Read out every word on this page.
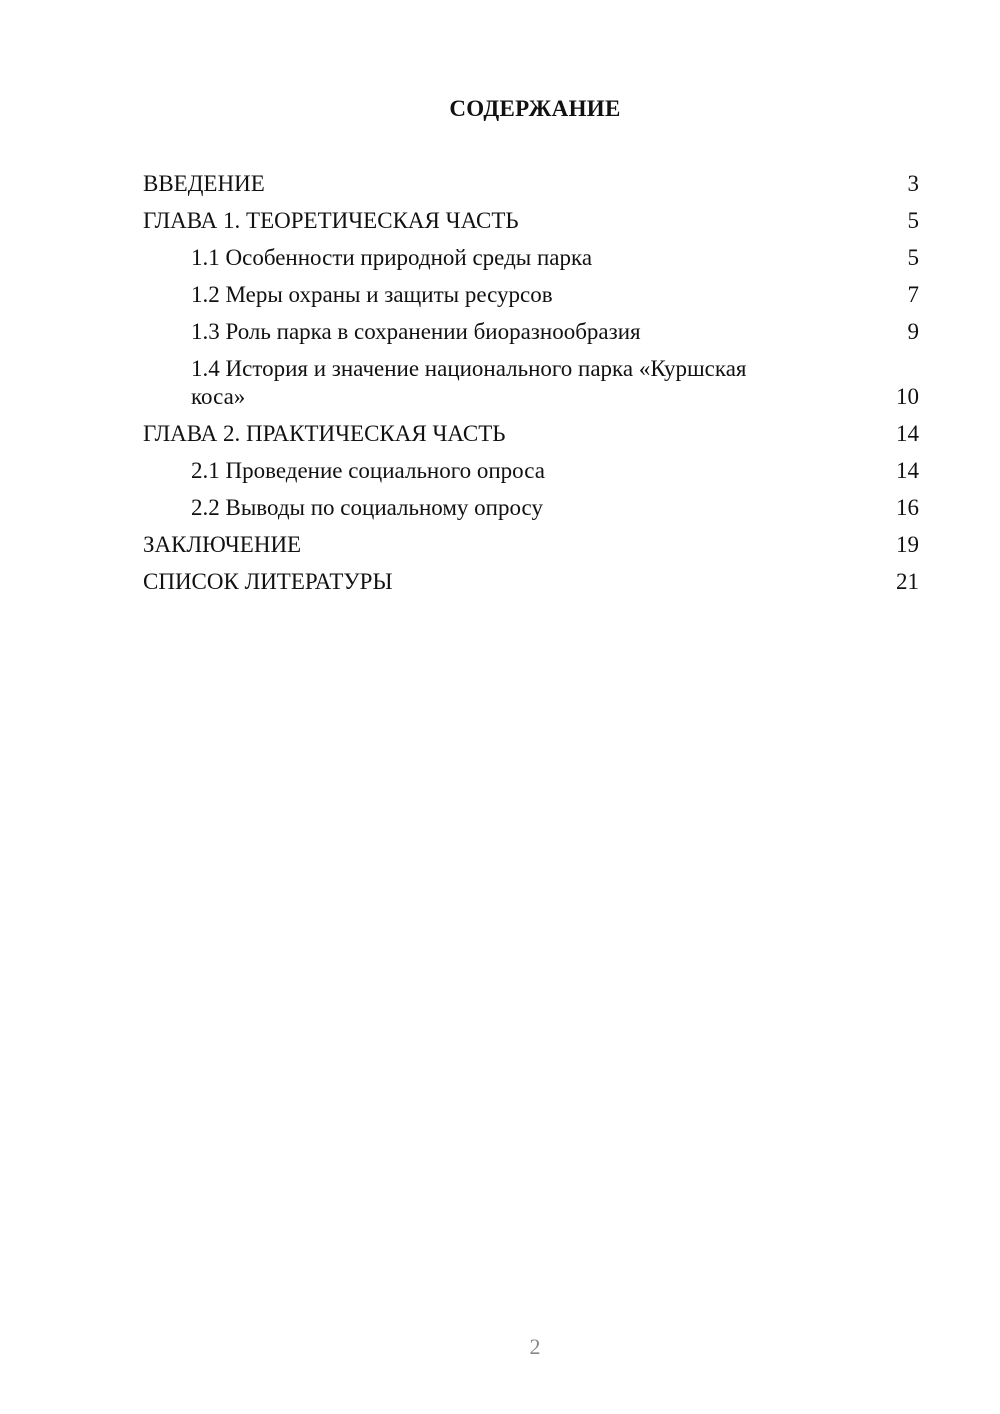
СОДЕРЖАНИЕ
ВВЕДЕНИЕ	3
ГЛАВА 1. ТЕОРЕТИЧЕСКАЯ ЧАСТЬ	5
1.1 Особенности природной среды парка	5
1.2 Меры охраны и защиты ресурсов	7
1.3 Роль парка в сохранении биоразнообразия	9
1.4 История и значение национального парка «Куршская коса»	10
ГЛАВА 2. ПРАКТИЧЕСКАЯ ЧАСТЬ	14
2.1 Проведение социального опроса	14
2.2 Выводы по социальному опросу	16
ЗАКЛЮЧЕНИЕ	19
СПИСОК ЛИТЕРАТУРЫ	21
2
